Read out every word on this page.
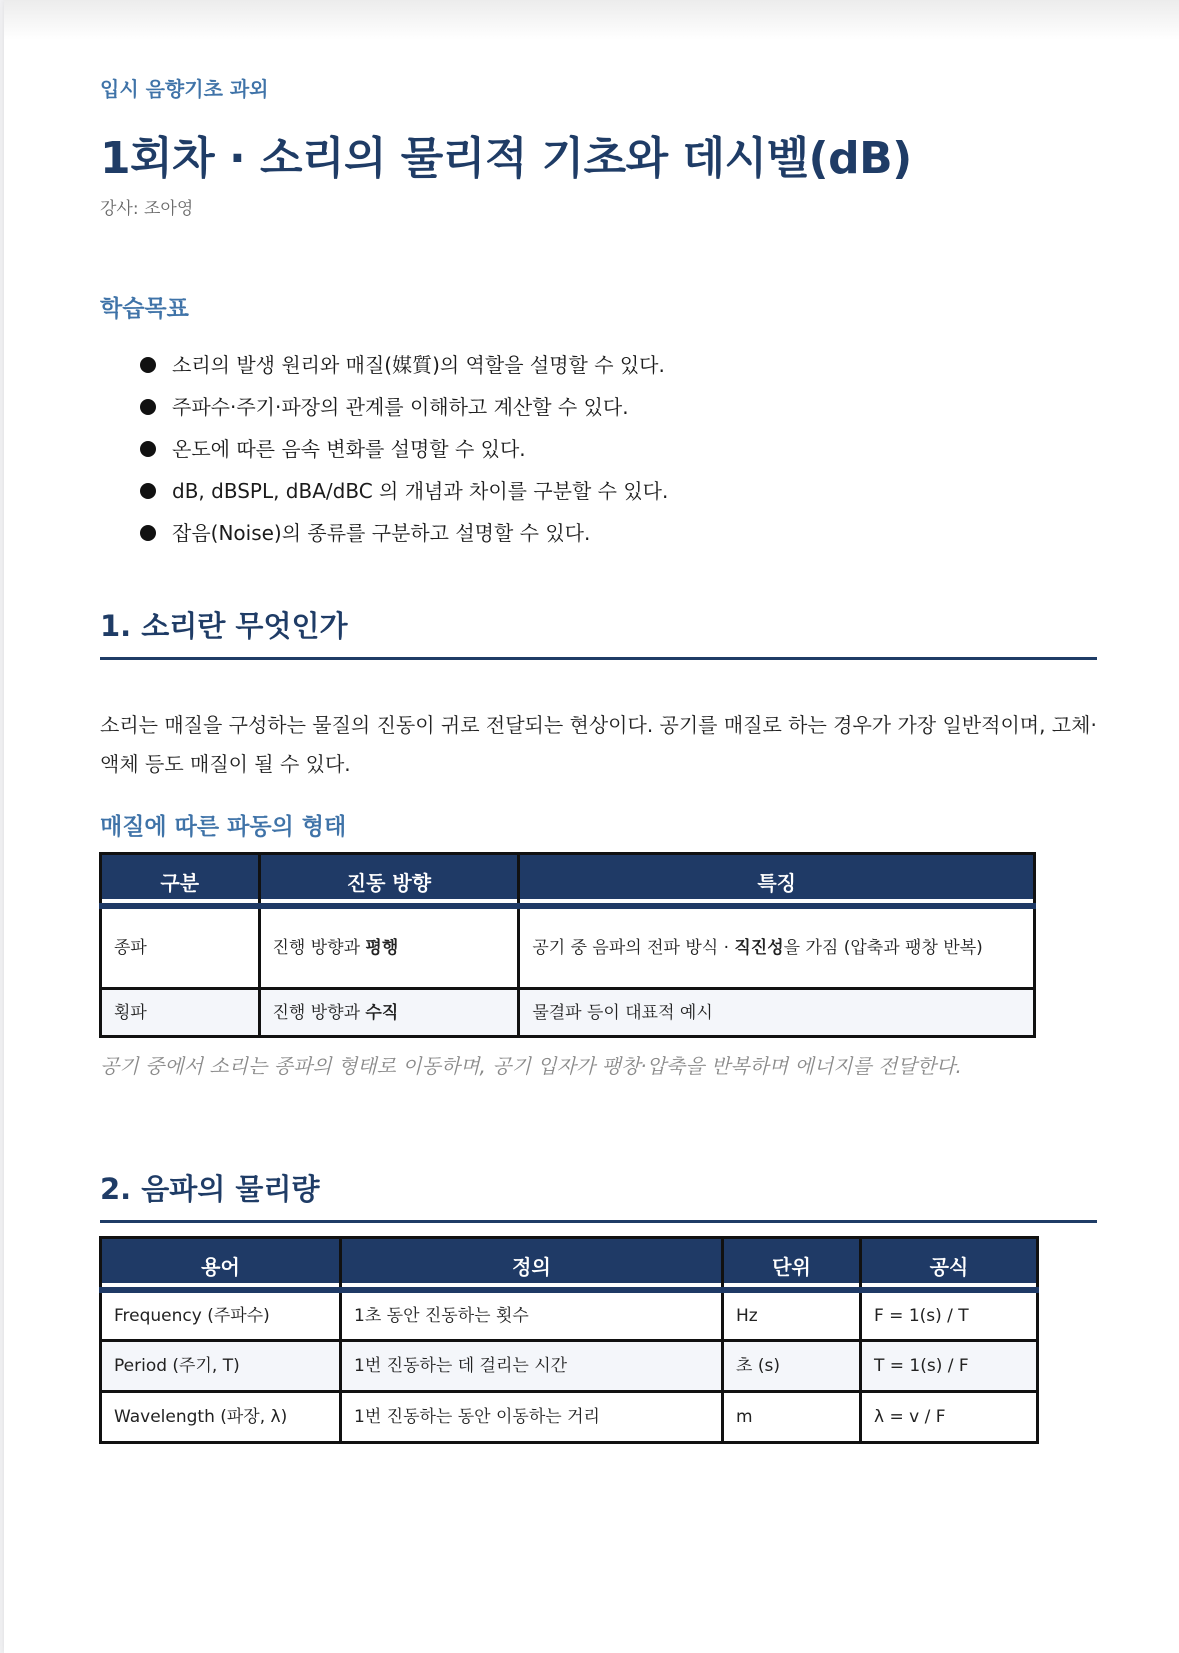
입시 음향기초 과외
1회차 · 소리의 물리적 기초와 데시벨(dB)
강사: 조아영
학습목표
소리의 발생 원리와 매질(媒質)의 역할을 설명할 수 있다.
주파수·주기·파장의 관계를 이해하고 계산할 수 있다.
온도에 따른 음속 변화를 설명할 수 있다.
dB, dBSPL, dBA/dBC 의 개념과 차이를 구분할 수 있다.
잡음(Noise)의 종류를 구분하고 설명할 수 있다.
1. 소리란 무엇인가

소리는 매질을 구성하는 물질의 진동이 귀로 전달되는 현상이다. 공기를 매질로 하는 경우가 가장 일반적이며, 고체·액체 등도 매질이 될 수 있다.

매질에 따른 파동의 형태
구분	진동 방향	특징
종파	진행 방향과 평행	공기 중 음파의 전파 방식 · 직진성을 가짐 (압축과 팽창 반복)
횡파	진행 방향과 수직	물결파 등이 대표적 예시
공기 중에서 소리는 종파의 형태로 이동하며, 공기 입자가 팽창·압축을 반복하며 에너지를 전달한다.
2. 음파의 물리량
용어	정의	단위	공식
Frequency (주파수)	1초 동안 진동하는 횟수	Hz	F = 1(s) / T
Period (주기, T)	1번 진동하는 데 걸리는 시간	초 (s)	T = 1(s) / F
Wavelength (파장, λ)	1번 진동하는 동안 이동하는 거리	m	λ = v / F
